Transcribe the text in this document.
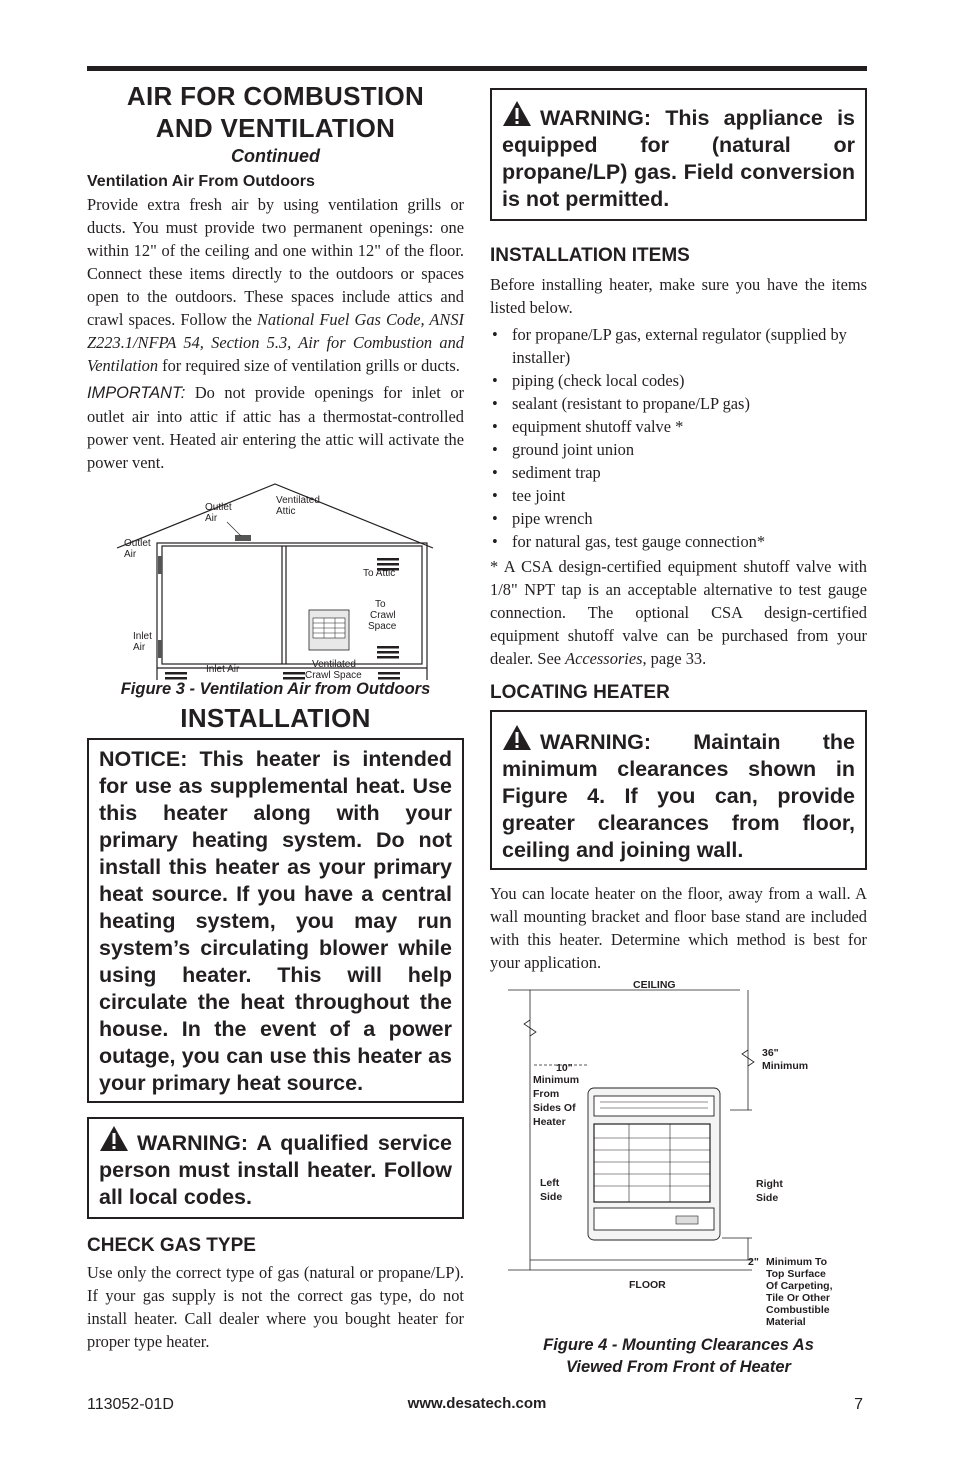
AIR FOR COMBUSTION
AND VENTILATION
Continued
Ventilation Air From Outdoors

Provide extra fresh air by using ventilation grills or ducts. You must provide two permanent openings: one within 12" of the ceiling and one within 12" of the floor. Connect these items directly to the outdoors or spaces open to the outdoors. These spaces include attics and crawl spaces. Follow the National Fuel Gas Code, ANSI Z223.1/NFPA 54, Section 5.3, Air for Combustion and Ventilation for required size of ventilation grills or ducts.

IMPORTANT: Do not provide openings for inlet or outlet air into attic if attic has a thermostat-controlled power vent. Heated air entering the attic will activate the power vent.

Outlet
Air
Ventilated
Attic
Outlet
Air
To Attic
To
Crawl
Space
Inlet
Air
Inlet Air	Ventilated
Crawl Space
Figure 3 - Ventilation Air from Outdoors
INSTALLATION
NOTICE: This heater is intended for use as supplemental heat. Use this heater along with your primary heating system. Do not install this heater as your primary heat source. If you have a central heating system, you may run system’s circulating blower while using heater. This will help circulate the heat throughout the house. In the event of a power outage, you can use this heater as your primary heat source.
WARNING: A qualified service person must install heater. Follow all local codes.
CHECK GAS TYPE

Use only the correct type of gas (natural or propane/LP). If your gas supply is not the correct gas type, do not install heater. Call dealer where you bought heater for proper type heater.

WARNING: This appliance is equipped for (natural or propane/LP) gas. Field conversion is not permitted.
INSTALLATION ITEMS

Before installing heater, make sure you have the items listed below.

• for propane/LP gas, external regulator (supplied by installer)
• piping (check local codes)
• sealant (resistant to propane/LP gas)
• equipment shutoff valve *
• ground joint union
• sediment trap
• tee joint
• pipe wrench
• for natural gas, test gauge connection*

* A CSA design-certified equipment shutoff valve with 1/8" NPT tap is an acceptable alternative to test gauge connection. The optional CSA design-certified equipment shutoff valve can be purchased from your dealer. See Accessories, page 33.

LOCATING HEATER
WARNING: Maintain the minimum clearances shown in Figure 4. If you can, provide greater clearances from floor, ceiling and joining wall.

You can locate heater on the floor, away from a wall. A wall mounting bracket and floor base stand are included with this heater. Determine which method is best for your application.

CEILING
36"
Minimum
10"
Minimum
From
Sides Of
Heater
Left
Side
Right
Side
2"
FLOOR
Minimum To
Top Surface
Of Carpeting,
Tile Or Other
Combustible
Material
Figure 4 - Mounting Clearances As
Viewed From Front of Heater
113052-01D	www.desatech.com	7
